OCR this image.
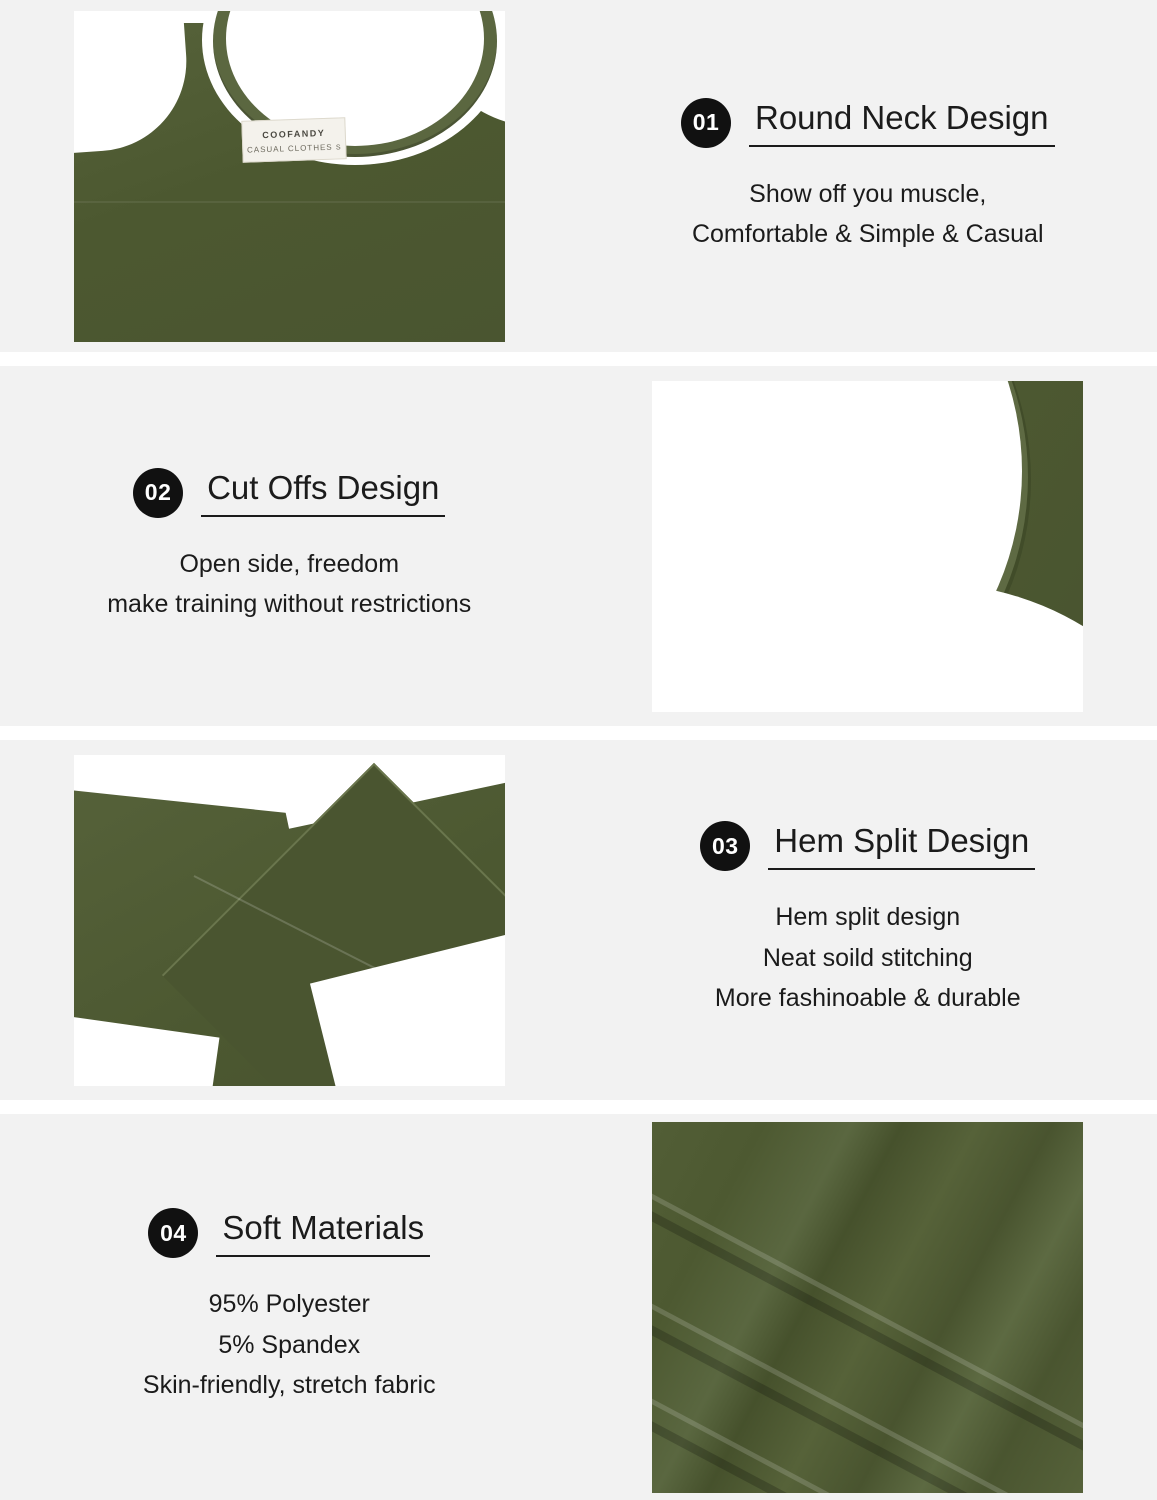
COOFANDY
CASUAL CLOTHES S
01	Round Neck Design

Show off you muscle,

Comfortable & Simple & Casual

02	Cut Offs Design

Open side, freedom

make training without restrictions

03	Hem Split Design

Hem split design

Neat soild stitching

More fashinoable & durable

04	Soft Materials

95% Polyester

5% Spandex

Skin-friendly, stretch fabric
